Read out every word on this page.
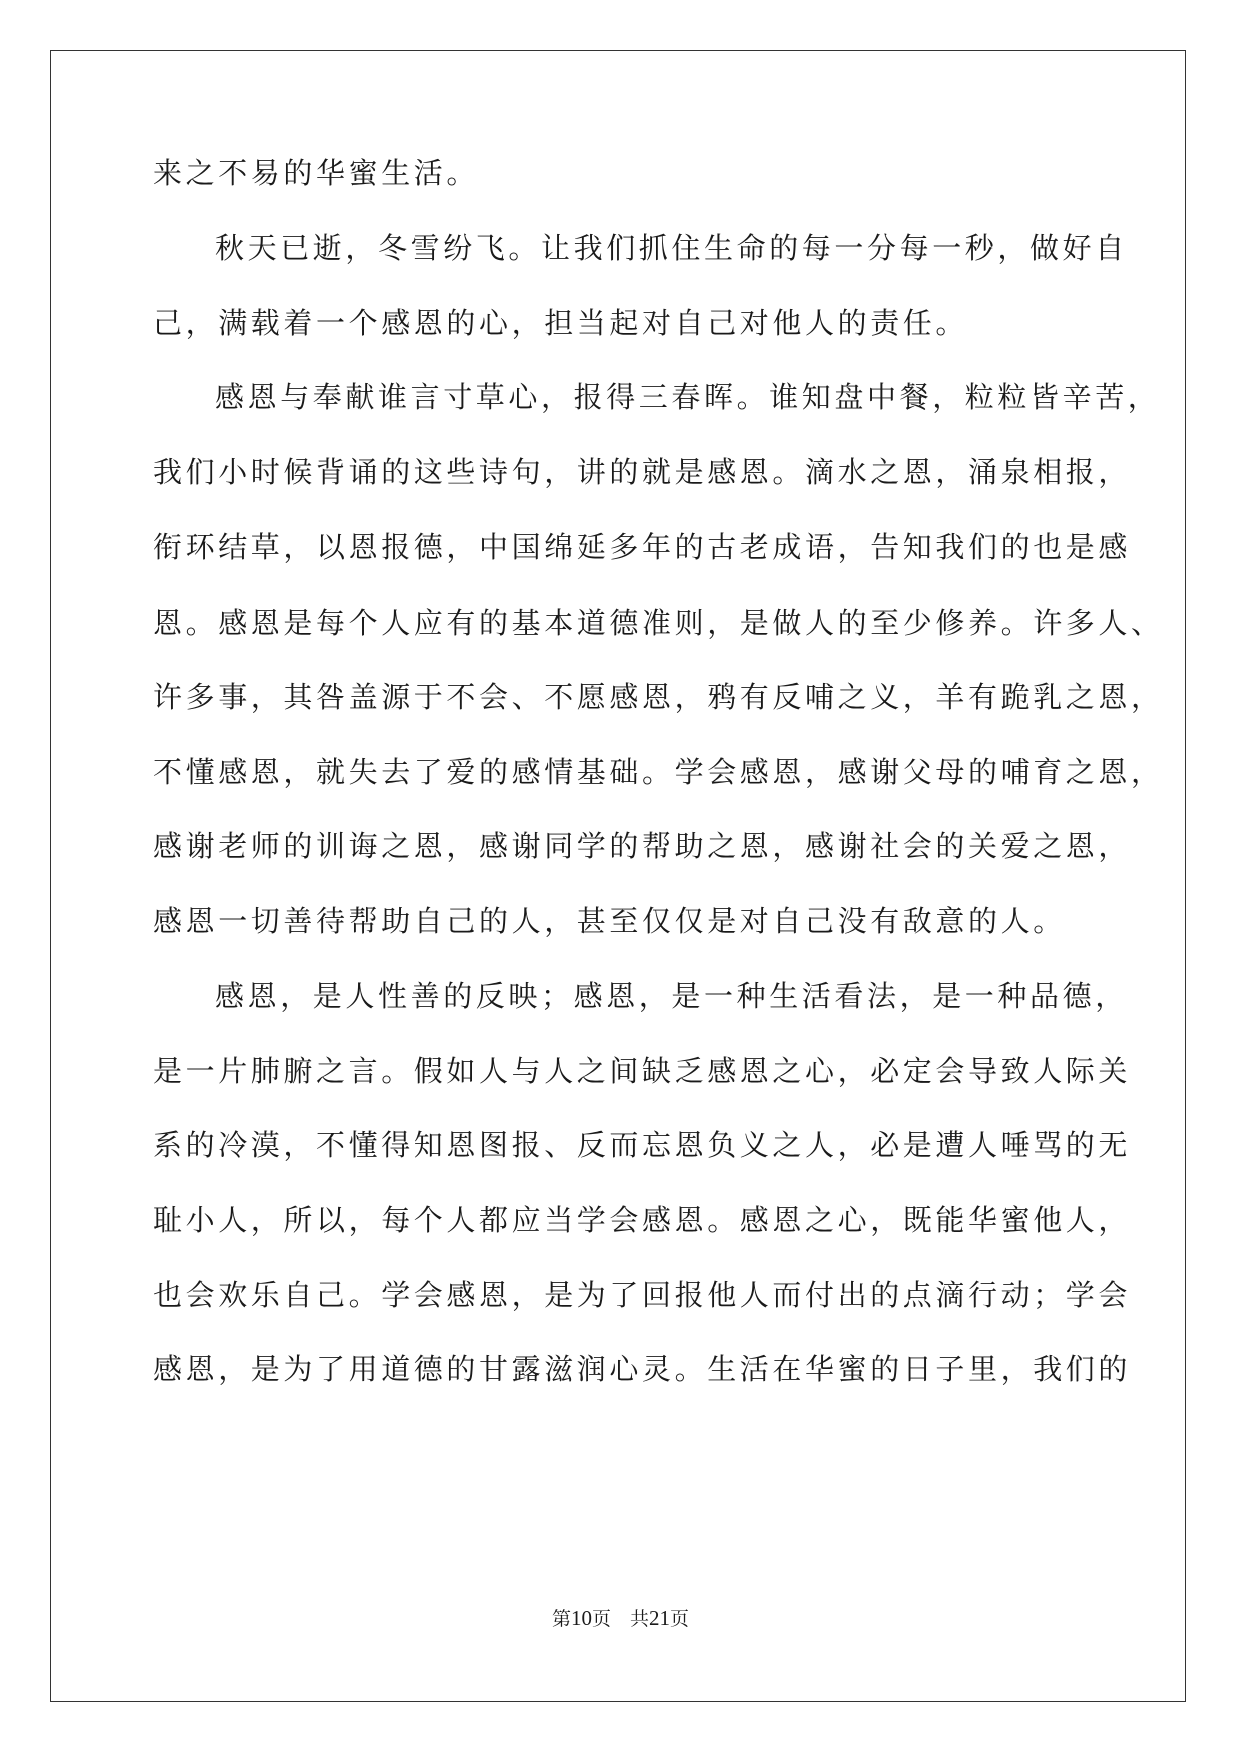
来之不易的华蜜生活。
秋天已逝，冬雪纷飞。让我们抓住生命的每一分每一秒，做好自
己，满载着一个感恩的心，担当起对自己对他人的责任。
感恩与奉献谁言寸草心，报得三春晖。谁知盘中餐，粒粒皆辛苦，
我们小时候背诵的这些诗句，讲的就是感恩。滴水之恩，涌泉相报，
衔环结草，以恩报德，中国绵延多年的古老成语，告知我们的也是感
恩。感恩是每个人应有的基本道德准则，是做人的至少修养。许多人、
许多事，其咎盖源于不会、不愿感恩，鸦有反哺之义，羊有跪乳之恩，
不懂感恩，就失去了爱的感情基础。学会感恩，感谢父母的哺育之恩，
感谢老师的训诲之恩，感谢同学的帮助之恩，感谢社会的关爱之恩，
感恩一切善待帮助自己的人，甚至仅仅是对自己没有敌意的人。
感恩，是人性善的反映；感恩，是一种生活看法，是一种品德，
是一片肺腑之言。假如人与人之间缺乏感恩之心，必定会导致人际关
系的冷漠，不懂得知恩图报、反而忘恩负义之人，必是遭人唾骂的无
耻小人，所以，每个人都应当学会感恩。感恩之心，既能华蜜他人，
也会欢乐自己。学会感恩，是为了回报他人而付出的点滴行动；学会
感恩，是为了用道德的甘露滋润心灵。生活在华蜜的日子里，我们的
第10页　共21页
